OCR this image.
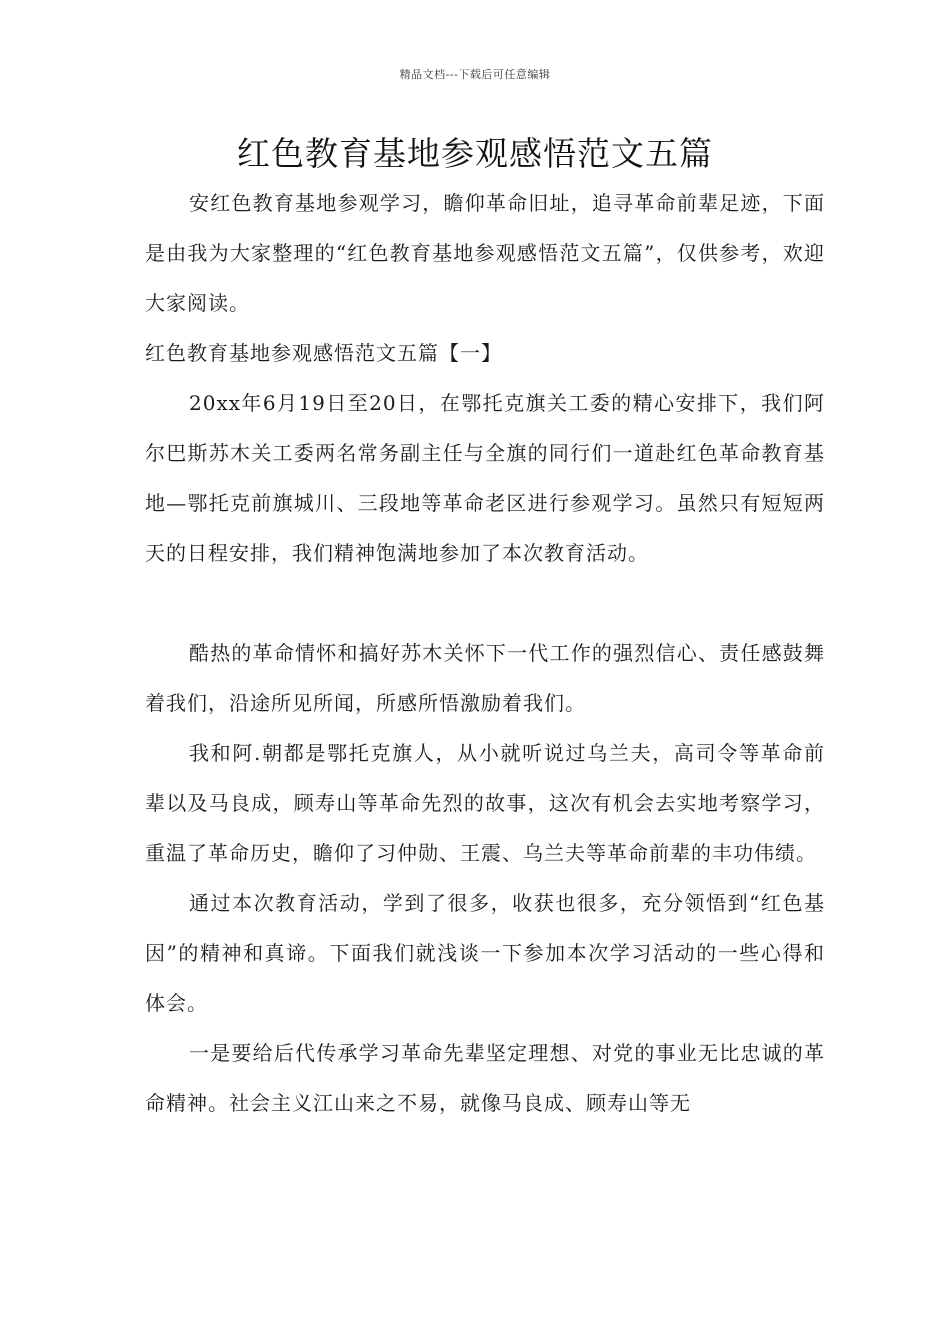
精品文档---下载后可任意编辑
红色教育基地参观感悟范文五篇

安红色教育基地参观学习，瞻仰革命旧址，追寻革命前辈足迹，下面是由我为大家整理的“红色教育基地参观感悟范文五篇”，仅供参考，欢迎大家阅读。

红色教育基地参观感悟范文五篇【一】

20xx年6月19日至20日，在鄂托克旗关工委的精心安排下，我们阿尔巴斯苏木关工委两名常务副主任与全旗的同行们一道赴红色革命教育基地—鄂托克前旗城川、三段地等革命老区进行参观学习。虽然只有短短两天的日程安排，我们精神饱满地参加了本次教育活动。

酷热的革命情怀和搞好苏木关怀下一代工作的强烈信心、责任感鼓舞着我们，沿途所见所闻，所感所悟激励着我们。

我和阿.朝都是鄂托克旗人，从小就听说过乌兰夫，高司令等革命前辈以及马良成，顾寿山等革命先烈的故事，这次有机会去实地考察学习，重温了革命历史，瞻仰了习仲勋、王震、乌兰夫等革命前辈的丰功伟绩。

通过本次教育活动，学到了很多，收获也很多，充分领悟到“红色基因”的精神和真谛。下面我们就浅谈一下参加本次学习活动的一些心得和体会。

一是要给后代传承学习革命先辈坚定理想、对党的事业无比忠诚的革命精神。社会主义江山来之不易，就像马良成、顾寿山等无
